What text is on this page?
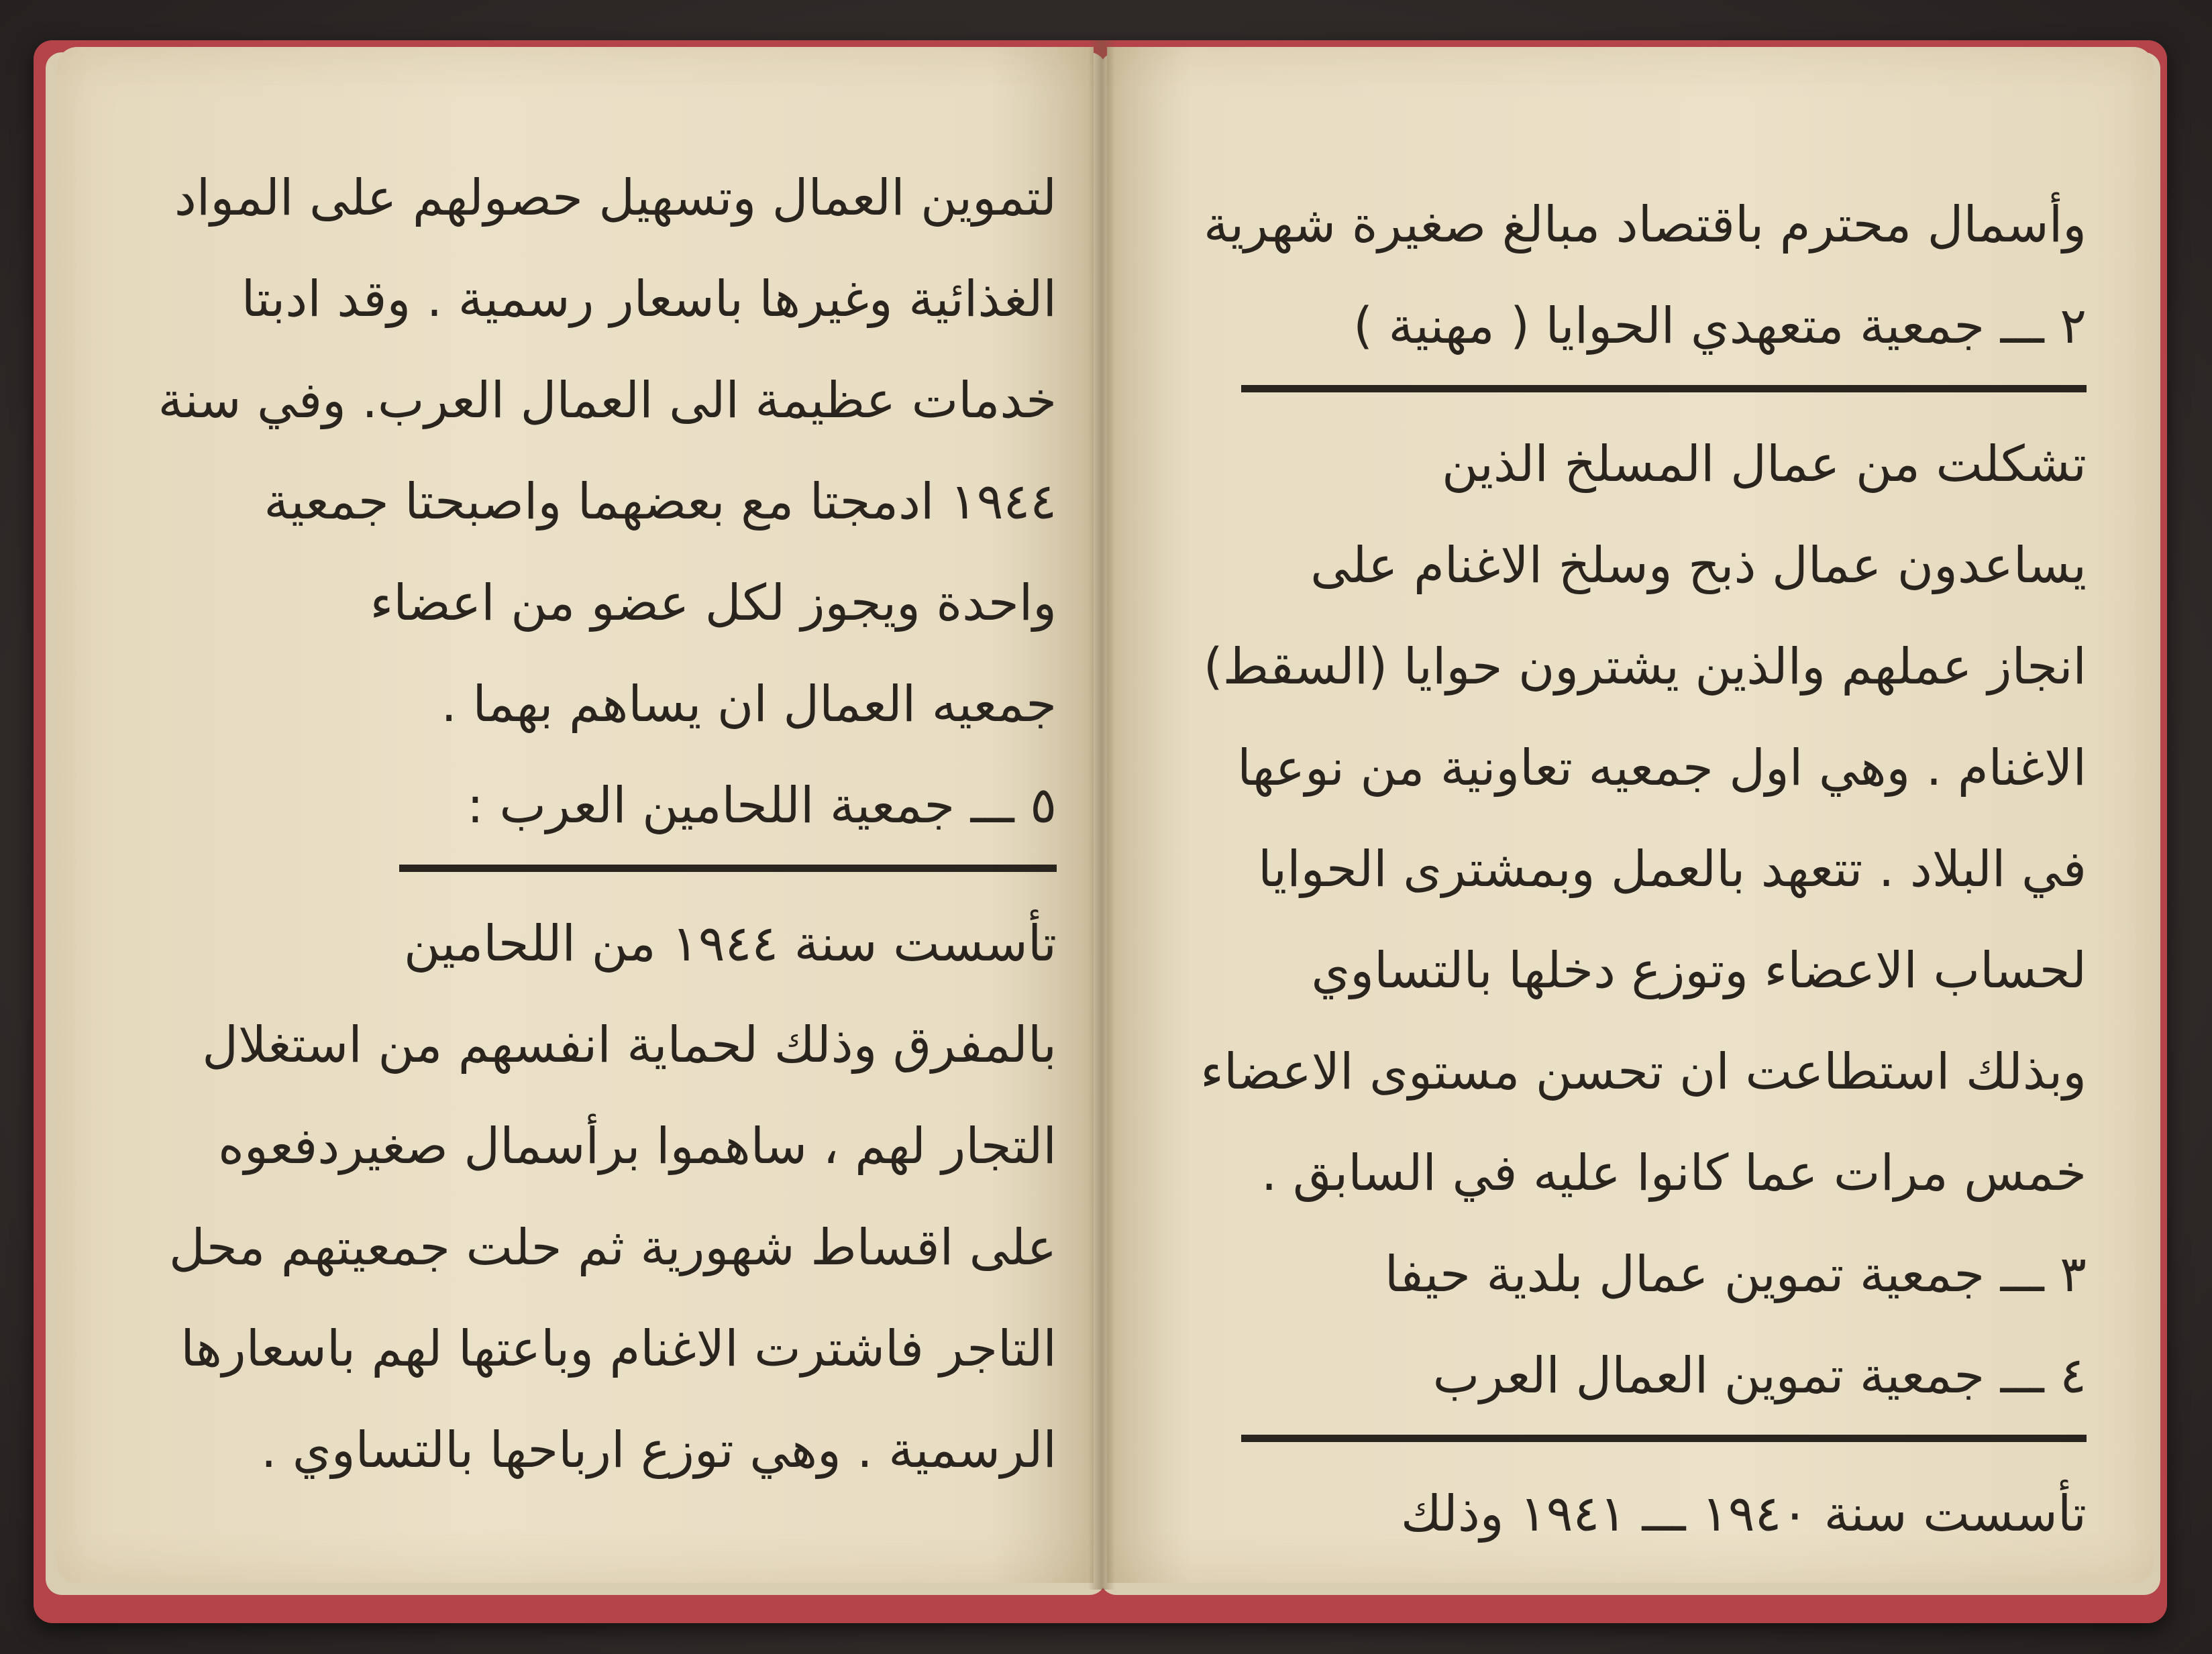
لتموين العمال وتسهيل حصولهم على المواد
الغذائية وغيرها باسعار رسمية . وقد ادبتا
خدمات عظيمة الى العمال العرب. وفي سنة
١٩٤٤ ادمجتا مع بعضهما واصبحتا جمعية
واحدة ويجوز لكل عضو من اعضاء
جمعيه العمال ان يساهم بهما .
٥ ـــ جمعية اللحامين العرب :
تأسست سنة ١٩٤٤ من اللحامين
بالمفرق وذلك لحماية انفسهم من استغلال
التجار لهم ، ساهموا برأسمال صغيردفعوه
على اقساط شهورية ثم حلت جمعيتهم محل
التاجر فاشترت الاغنام وباعتها لهم باسعارها
الرسمية . وهي توزع ارباحها بالتساوي .
وأسمال محترم باقتصاد مبالغ صغيرة شهرية
٢ ـــ جمعية متعهدي الحوايا ( مهنية )
تشكلت من عمال المسلخ الذين
يساعدون عمال ذبح وسلخ الاغنام على
انجاز عملهم والذين يشترون حوايا (السقط)
الاغنام . وهي اول جمعيه تعاونية من نوعها
في البلاد . تتعهد بالعمل وبمشترى الحوايا
لحساب الاعضاء وتوزع دخلها بالتساوي
وبذلك استطاعت ان تحسن مستوى الاعضاء
خمس مرات عما كانوا عليه في السابق .
٣ ـــ جمعية تموين عمال بلدية حيفا
٤ ـــ جمعية تموين العمال العرب
تأسست سنة ١٩٤٠ ـــ ١٩٤١ وذلك
